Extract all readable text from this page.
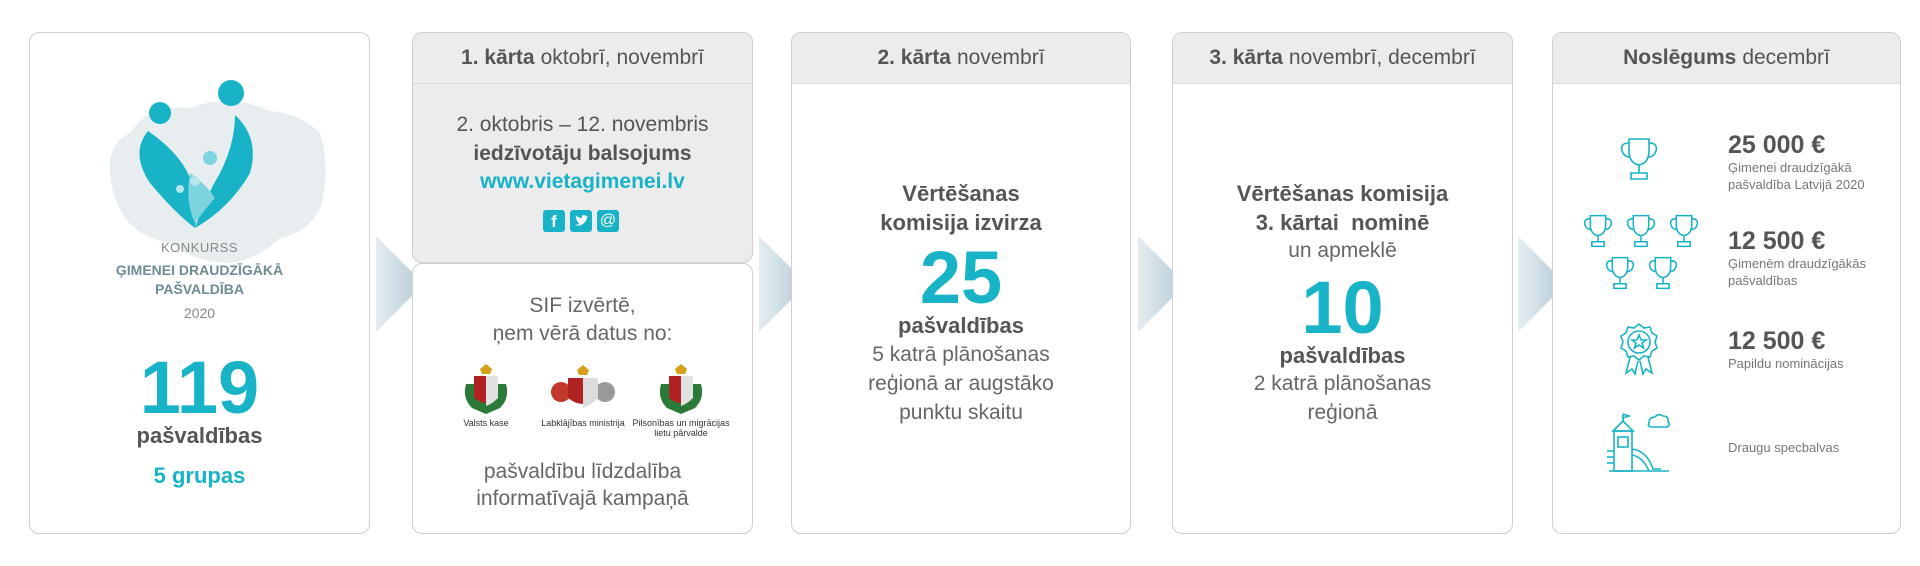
KONKURSS
ĢIMENEI DRAUDZĪGĀKĀ
PAŠVALDĪBA
2020
119
pašvaldības
5 grupas
1. kārta oktobrī, novembrī
2. oktobris – 12. novembris
iedzīvotāju balsojums
www.vietagimenei.lv
f	@
SIF izvērtē,
ņem vērā datus no:
Valsts kase	Labklājības ministrija Pilsonības un migrācijas lietu pārvalde
pašvaldību līdzdalība
informatīvajā kampaņā
2. kārta novembrī
Vērtēšanas
komisija izvirza
25
pašvaldības
5 katrā plānošanas
reģionā ar augstāko
punktu skaitu
3. kārta novembrī, decembrī
Vērtēšanas komisija
3. kārtai  nominē
un apmeklē
10
pašvaldības
2 katrā plānošanas
reģionā
Noslēgums decembrī
25 000 €
Ģimenei draudzīgākā
pašvaldība Latvijā 2020
12 500 €
Ģimenēm draudzīgākās
pašvaldības
12 500 €
Papildu nominācijas
Draugu specbalvas
